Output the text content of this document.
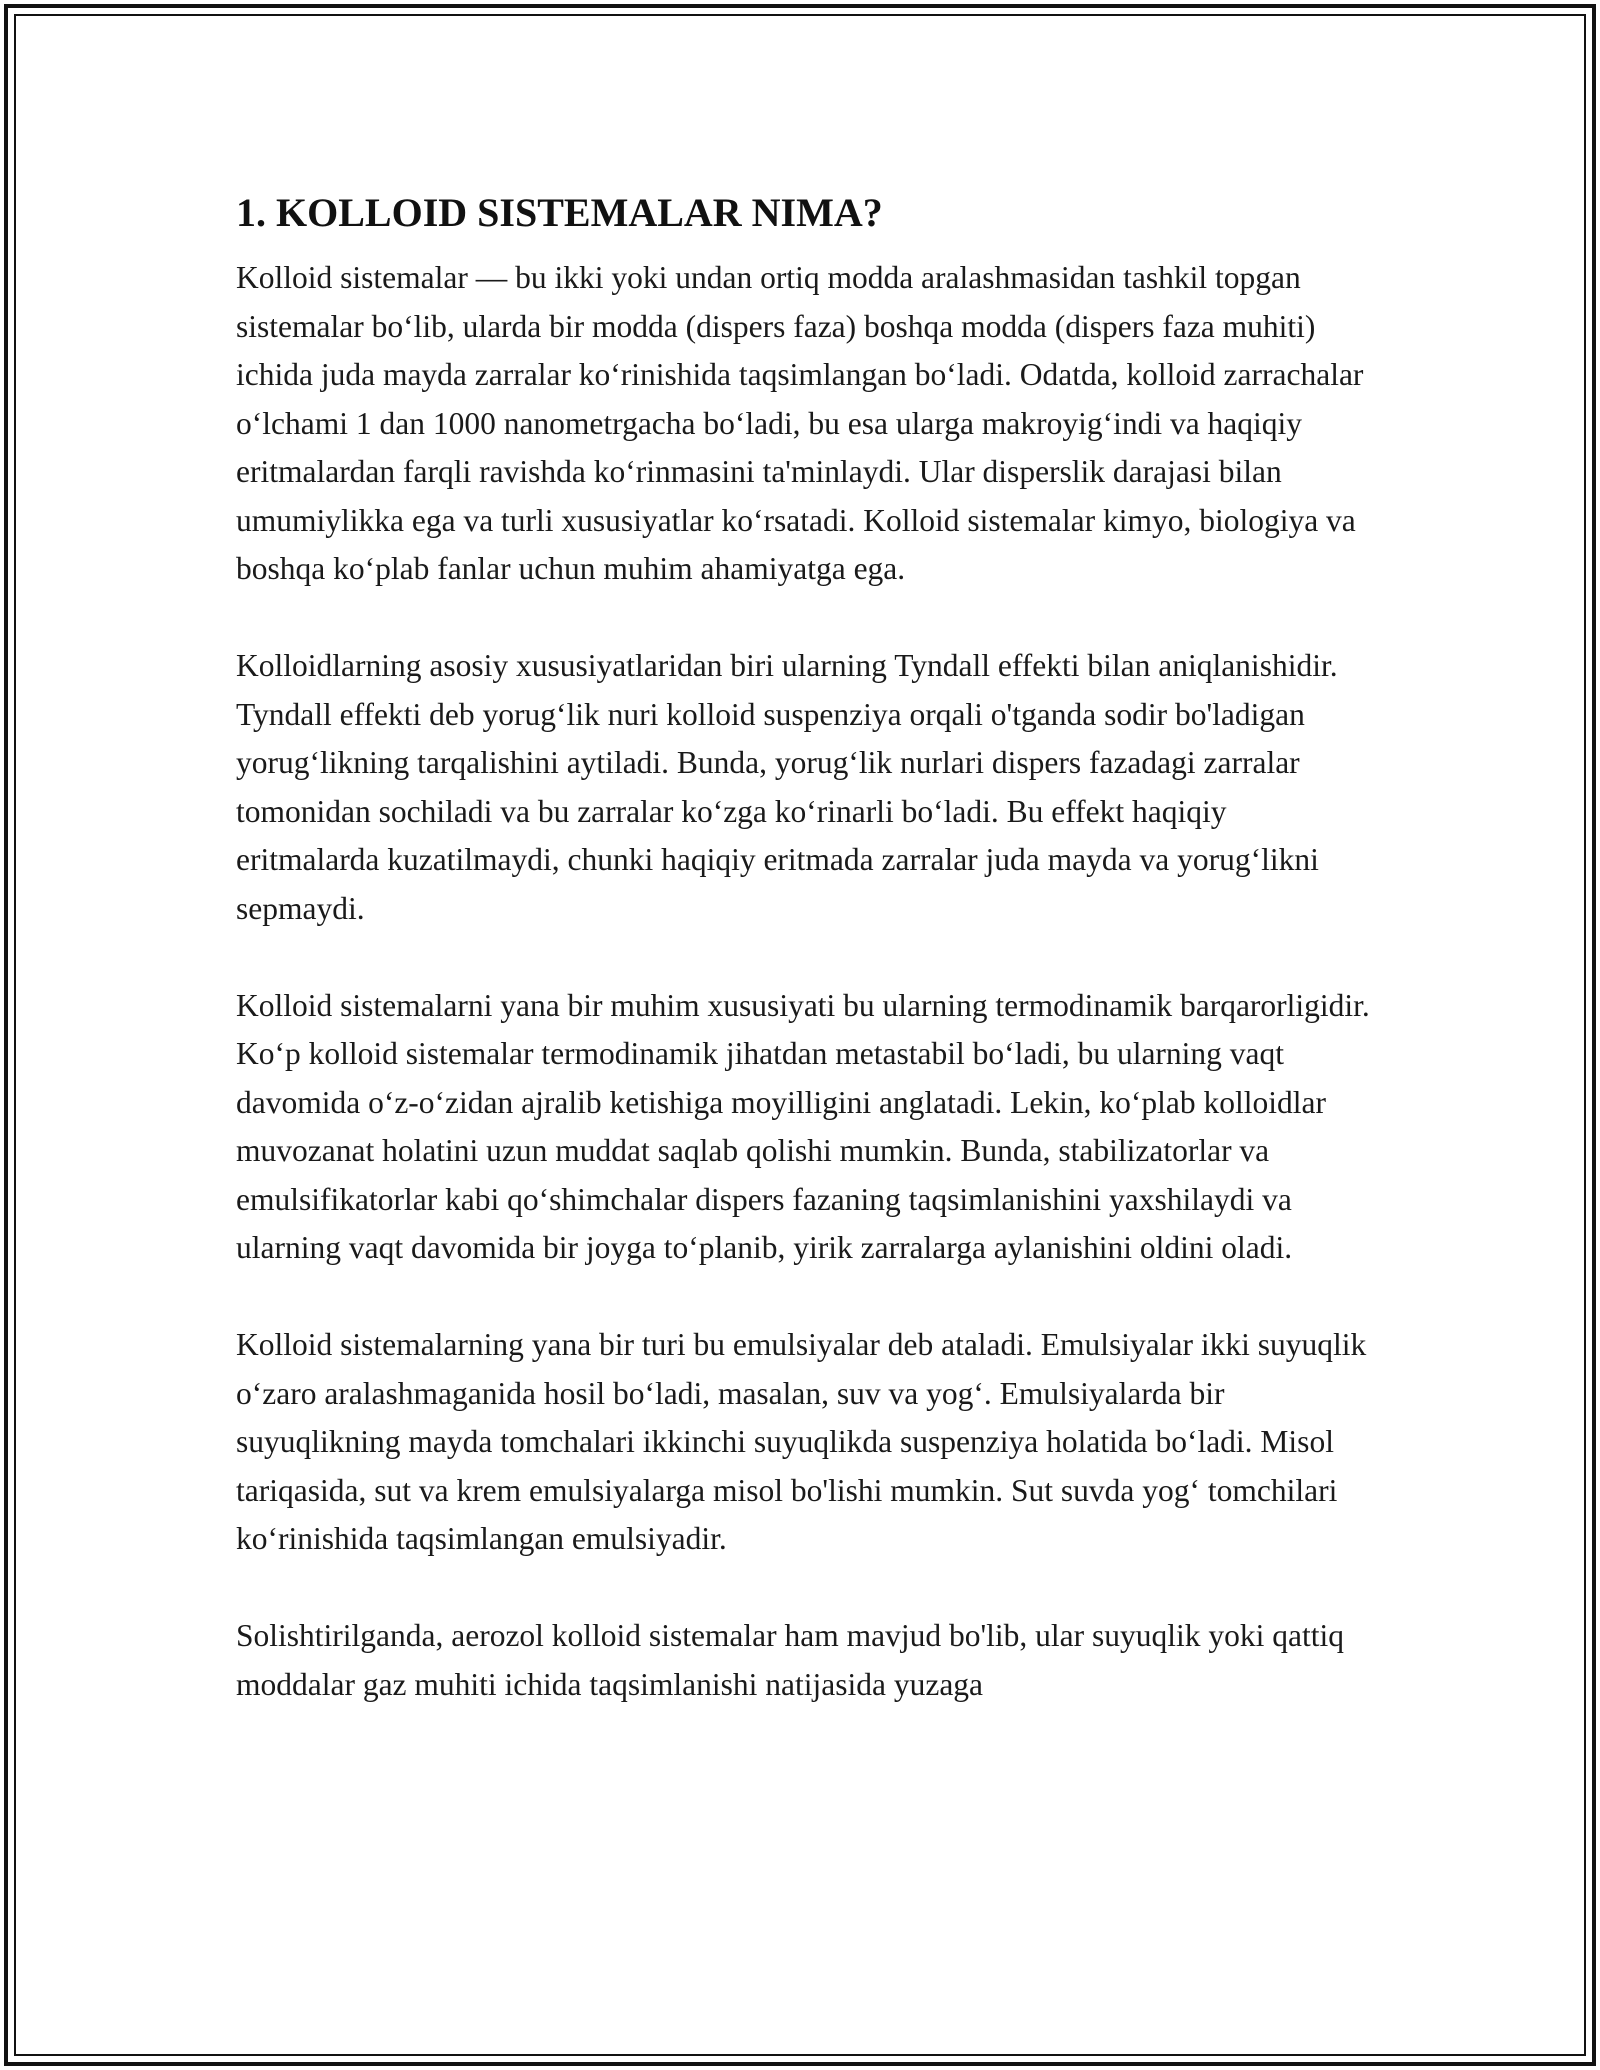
1. KOLLOID SISTEMALAR NIMA?

Kolloid sistemalar — bu ikki yoki undan ortiq modda aralashmasidan tashkil topgan sistemalar boʻlib, ularda bir modda (dispers faza) boshqa modda (dispers faza muhiti) ichida juda mayda zarralar koʻrinishida taqsimlangan boʻladi. Odatda, kolloid zarrachalar oʻlchami 1 dan 1000 nanometrgacha boʻladi, bu esa ularga makroyigʻindi va haqiqiy eritmalardan farqli ravishda koʻrinmasini ta'minlaydi. Ular disperslik darajasi bilan umumiylikka ega va turli xususiyatlar koʻrsatadi. Kolloid sistemalar kimyo, biologiya va boshqa koʻplab fanlar uchun muhim ahamiyatga ega.

Kolloidlarning asosiy xususiyatlaridan biri ularning Tyndall effekti bilan aniqlanishidir. Tyndall effekti deb yorugʻlik nuri kolloid suspenziya orqali o'tganda sodir bo'ladigan yorugʻlikning tarqalishini aytiladi. Bunda, yorugʻlik nurlari dispers fazadagi zarralar tomonidan sochiladi va bu zarralar koʻzga koʻrinarli boʻladi. Bu effekt haqiqiy eritmalarda kuzatilmaydi, chunki haqiqiy eritmada zarralar juda mayda va yorugʻlikni sepmaydi.

Kolloid sistemalarni yana bir muhim xususiyati bu ularning termodinamik barqarorligidir. Koʻp kolloid sistemalar termodinamik jihatdan metastabil boʻladi, bu ularning vaqt davomida oʻz-oʻzidan ajralib ketishiga moyilligini anglatadi. Lekin, koʻplab kolloidlar muvozanat holatini uzun muddat saqlab qolishi mumkin. Bunda, stabilizatorlar va emulsifikatorlar kabi qoʻshimchalar dispers fazaning taqsimlanishini yaxshilaydi va ularning vaqt davomida bir joyga toʻplanib, yirik zarralarga aylanishini oldini oladi.

Kolloid sistemalarning yana bir turi bu emulsiyalar deb ataladi. Emulsiyalar ikki suyuqlik oʻzaro aralashmaganida hosil boʻladi, masalan, suv va yogʻ. Emulsiyalarda bir suyuqlikning mayda tomchalari ikkinchi suyuqlikda suspenziya holatida boʻladi. Misol tariqasida, sut va krem emulsiyalarga misol bo'lishi mumkin. Sut suvda yogʻ tomchilari koʻrinishida taqsimlangan emulsiyadir.

Solishtirilganda, aerozol kolloid sistemalar ham mavjud bo'lib, ular suyuqlik yoki qattiq moddalar gaz muhiti ichida taqsimlanishi natijasida yuzaga
